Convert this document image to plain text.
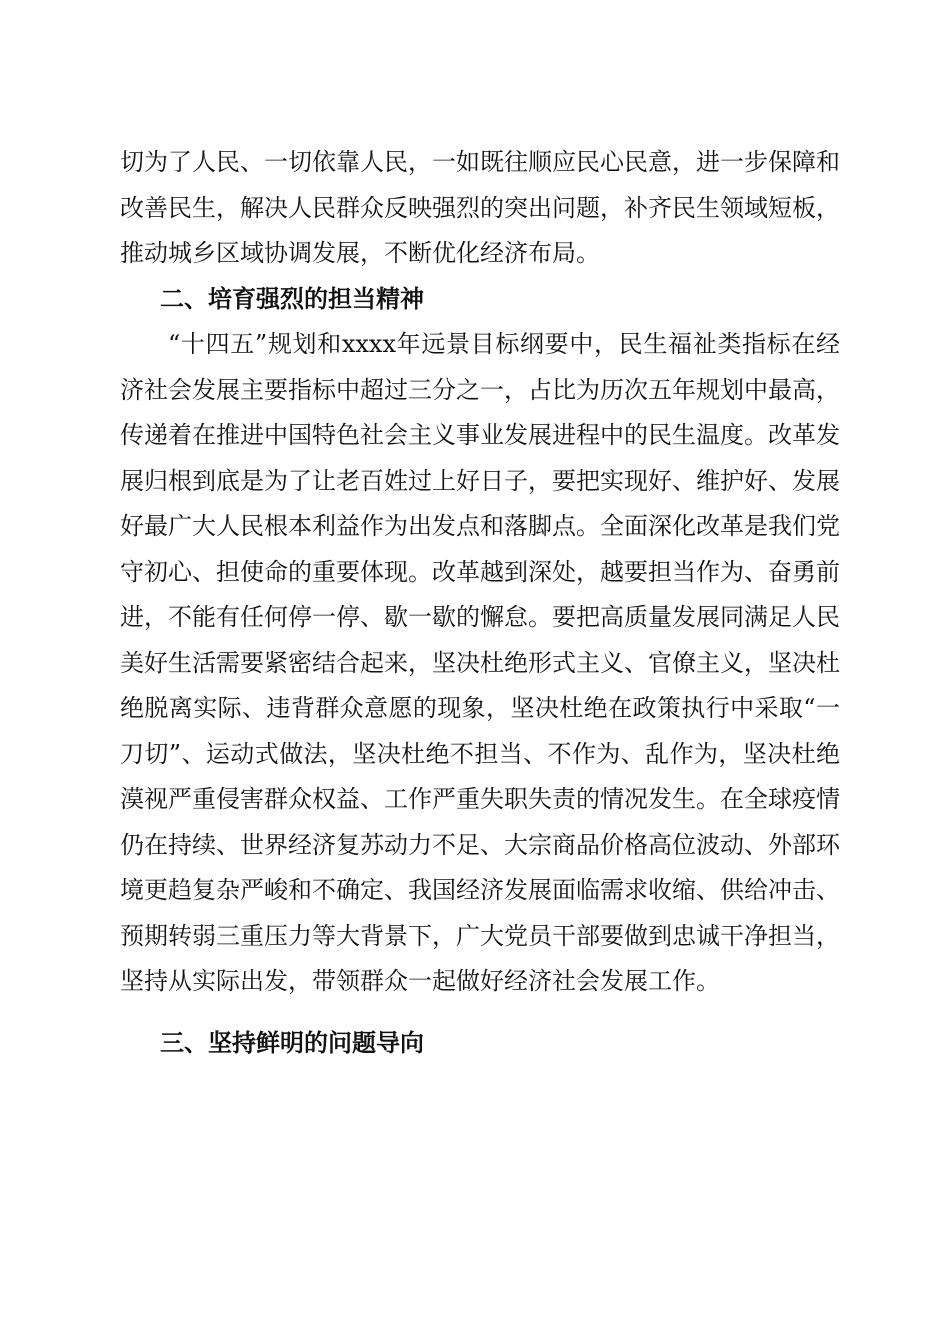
切为了人民、一切依靠人民，一如既往顺应民心民意，进一步保障和改善民生，解决人民群众反映强烈的突出问题，补齐民生领域短板，推动城乡区域协调发展，不断优化经济布局。

二、培育强烈的担当精神

“十四五”规划和xxxx年远景目标纲要中，民生福祉类指标在经济社会发展主要指标中超过三分之一，占比为历次五年规划中最高，传递着在推进中国特色社会主义事业发展进程中的民生温度。改革发展归根到底是为了让老百姓过上好日子，要把实现好、维护好、发展好最广大人民根本利益作为出发点和落脚点。全面深化改革是我们党守初心、担使命的重要体现。改革越到深处，越要担当作为、奋勇前进，不能有任何停一停、歇一歇的懈怠。要把高质量发展同满足人民美好生活需要紧密结合起来，坚决杜绝形式主义、官僚主义，坚决杜绝脱离实际、违背群众意愿的现象，坚决杜绝在政策执行中采取“一刀切”、运动式做法，坚决杜绝不担当、不作为、乱作为，坚决杜绝漠视严重侵害群众权益、工作严重失职失责的情况发生。在全球疫情仍在持续、世界经济复苏动力不足、大宗商品价格高位波动、外部环境更趋复杂严峻和不确定、我国经济发展面临需求收缩、供给冲击、预期转弱三重压力等大背景下，广大党员干部要做到忠诚干净担当，坚持从实际出发，带领群众一起做好经济社会发展工作。

三、坚持鲜明的问题导向
